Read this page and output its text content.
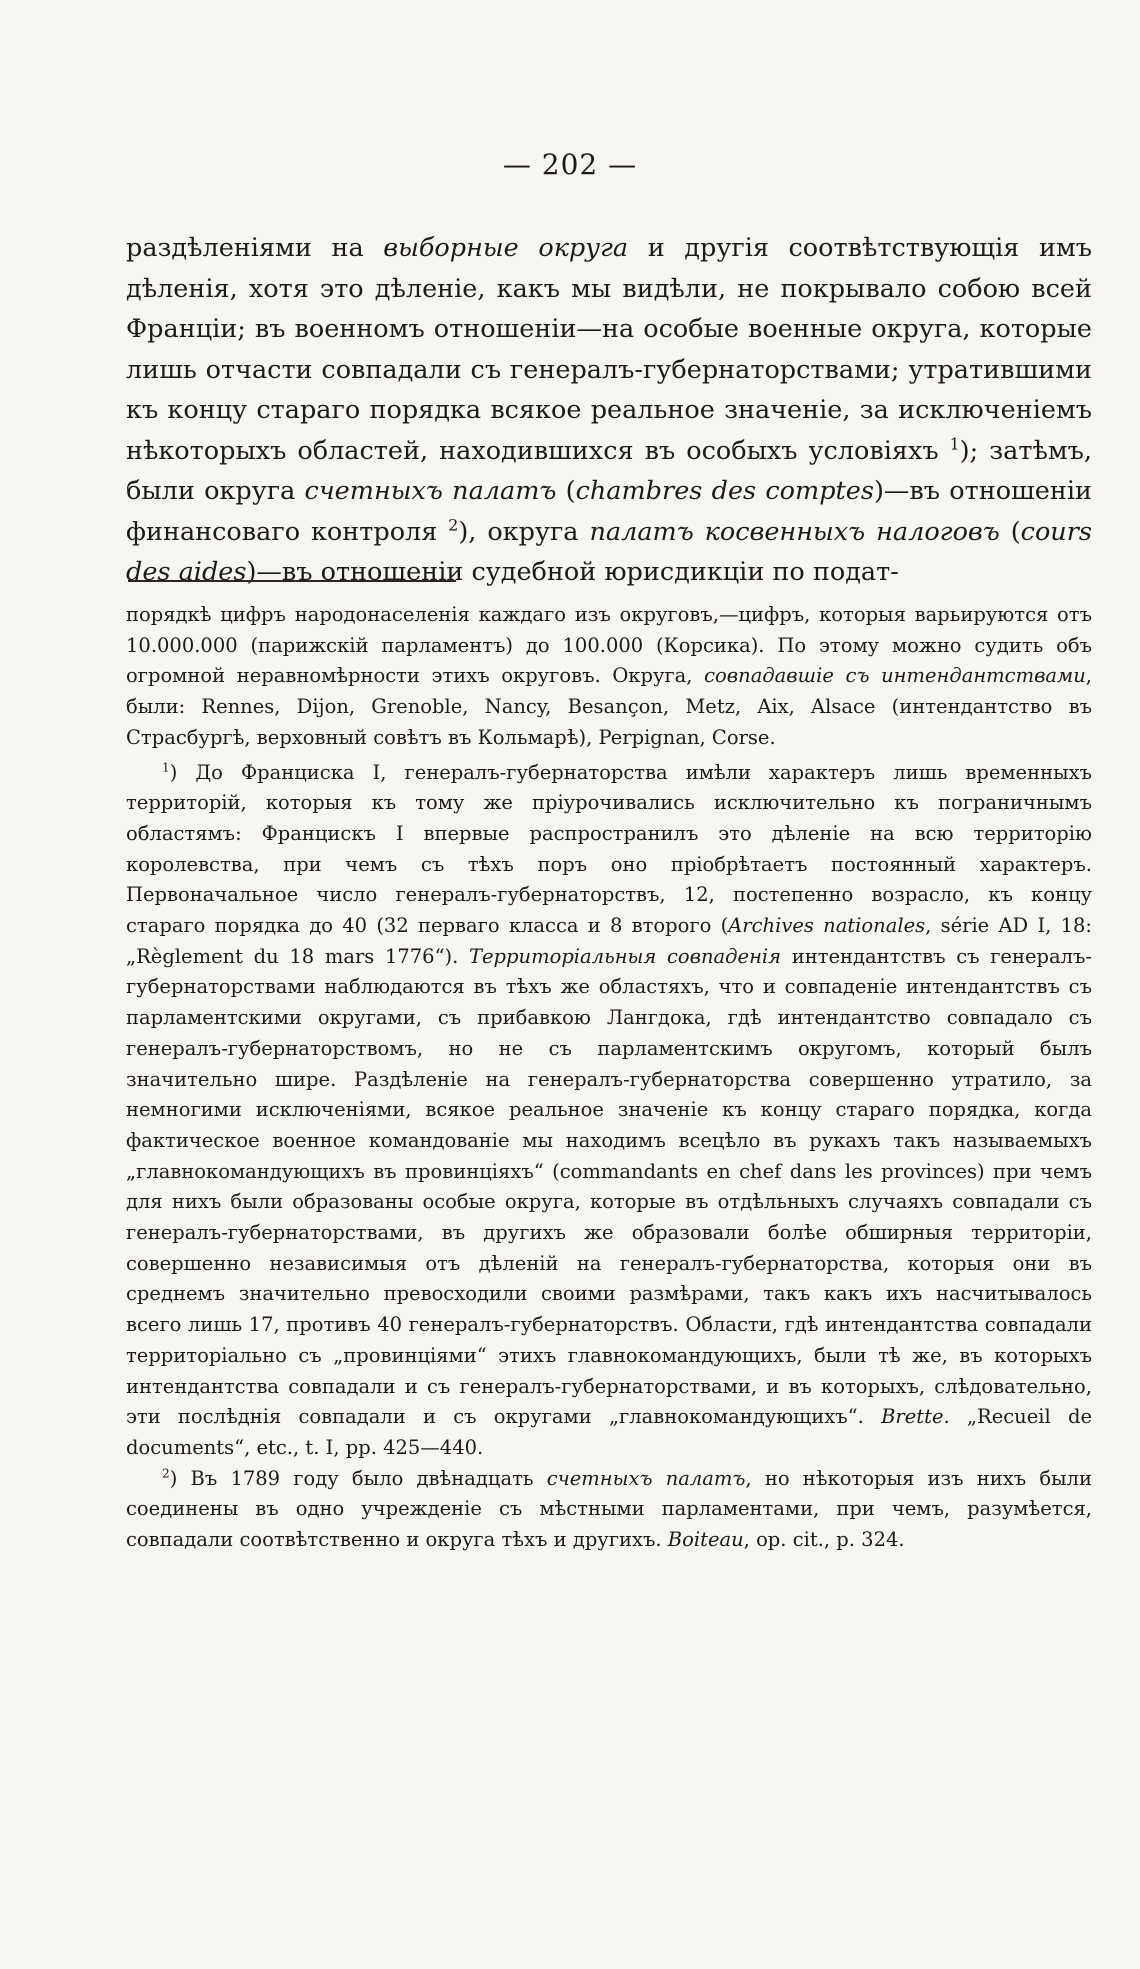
— 202 —
раздѣленiями на выборные округа и другiя соотвѣтствующiя имъ дѣленiя, хотя это дѣленiе, какъ мы видѣли, не покрывало собою всей Францiи; въ военномъ отношенiи—на особые военные округа, которые лишь отчасти совпадали съ генералъ-губернаторствами; утратившими къ концу стараго порядка всякое реальное значенiе, за исключенiемъ нѣкоторыхъ областей, находившихся въ особыхъ условiяхъ $^1$); затѣмъ, были округа счетныхъ палатъ (chambres des comptes)—въ отношенiи финансоваго контроля $^2$), округа палатъ косвенныхъ налоговъ (cours des aides)—въ отношенiи судебной юрисдикцiи по подат-

порядкѣ цифръ народонаселенiя каждаго изъ округовъ,—цифръ, которыя варьируются отъ 10.000.000 (парижскiй парламентъ) до 100.000 (Корсика). По этому можно судить объ огромной неравномѣрности этихъ округовъ. Округа, совпадавшiе съ интендантствами, были: Rennes, Dijon, Grenoble, Nancy, Besançon, Metz, Aix, Alsace (интендантство въ Страсбургѣ, верховный совѣтъ въ Кольмарѣ), Perpignan, Corse.

$^1$) До Франциска I, генералъ-губернаторства имѣли характеръ лишь временныхъ территорiй, которыя къ тому же прiурочивались исключительно къ пограничнымъ областямъ: Францискъ I впервые распространилъ это дѣленiе на всю территорiю королевства, при чемъ съ тѣхъ поръ оно прiобрѣтаетъ постоянный характеръ. Первоначальное число генералъ-губернаторствъ, 12, постепенно возрасло, къ концу стараго порядка до 40 (32 перваго класса и 8 второго (Archives nationales, série AD I, 18: „Règlement du 18 mars 1776“). Территорiальныя совпаденiя интендантствъ съ генералъ-губернаторствами наблюдаются въ тѣхъ же областяхъ, что и совпаденiе интендантствъ съ парламентскими округами, съ прибавкою Лангдока, гдѣ интендантство совпадало съ генералъ-губернаторствомъ, но не съ парламентскимъ округомъ, который былъ значительно шире. Раздѣленiе на генералъ-губернаторства совершенно утратило, за немногими исключенiями, всякое реальное значенiе къ концу стараго порядка, когда фактическое военное командованiе мы находимъ всецѣло въ рукахъ такъ называемыхъ „главнокомандующихъ въ провинцiяхъ“ (commandants en chef dans les provinces) при чемъ для нихъ были образованы особые округа, которые въ отдѣльныхъ случаяхъ совпадали съ генералъ-губернаторствами, въ другихъ же образовали болѣе обширныя территорiи, совершенно независимыя отъ дѣленiй на генералъ-губернаторства, которыя они въ среднемъ значительно превосходили своими размѣрами, такъ какъ ихъ насчитывалось всего лишь 17, противъ 40 генералъ-губернаторствъ. Области, гдѣ интендантства совпадали территорiально съ „провинцiями“ этихъ главнокомандующихъ, были тѣ же, въ которыхъ интендантства совпадали и съ генералъ-губернаторствами, и въ которыхъ, слѣдовательно, эти послѣднiя совпадали и съ округами „главнокомандующихъ“. Brette. „Recueil de documents“, etc., t. I, pp. 425—440.

$^2$) Въ 1789 году было двѣнадцать счетныхъ палатъ, но нѣкоторыя изъ нихъ были соединены въ одно учрежденiе съ мѣстными парламентами, при чемъ, разумѣется, совпадали соотвѣтственно и округа тѣхъ и другихъ. Boiteau, op. cit., p. 324.
